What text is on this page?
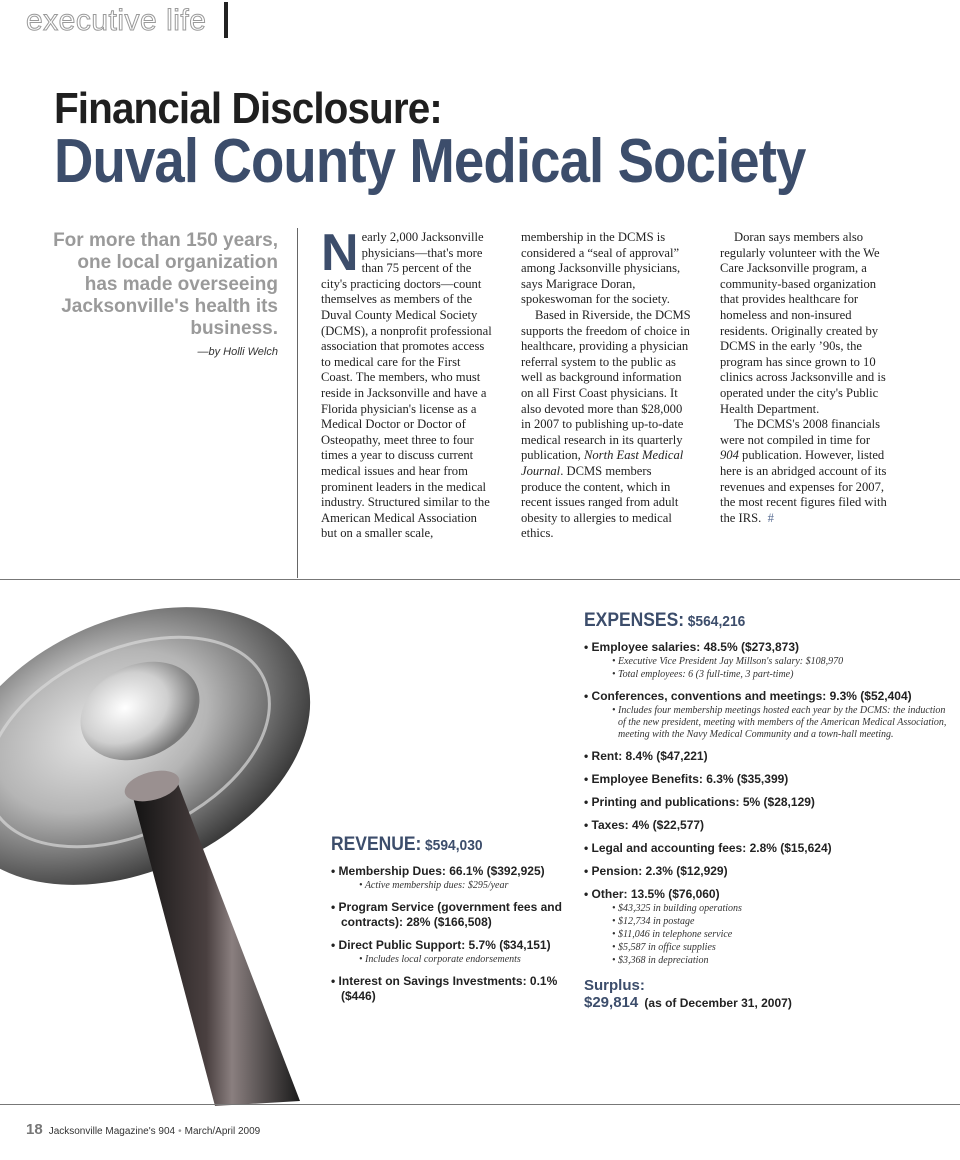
executive life
Financial Disclosure:
Duval County Medical Society
For more than 150 years, one local organization has made overseeing Jacksonville's health its business.
—by Holli Welch

Nearly 2,000 Jacksonville physicians—that's more than 75 percent of the city's practicing doctors—count themselves as members of the Duval County Medical Society (DCMS), a nonprofit professional association that promotes access to medical care for the First Coast. The members, who must reside in Jacksonville and have a Florida physician's license as a Medical Doctor or Doctor of Osteopathy, meet three to four times a year to discuss current medical issues and hear from prominent leaders in the medical industry. Structured similar to the American Medical Association but on a smaller scale,

membership in the DCMS is considered a “seal of approval” among Jacksonville physicians, says Marigrace Doran, spokeswoman for the society.

Based in Riverside, the DCMS supports the freedom of choice in healthcare, providing a physician referral system to the public as well as background information on all First Coast physicians. It also devoted more than $28,000 in 2007 to publishing up-to-date medical research in its quarterly publication, North East Medical Journal. DCMS members produce the content, which in recent issues ranged from adult obesity to allergies to medical ethics.

Doran says members also regularly volunteer with the We Care Jacksonville program, a community-based organization that provides healthcare for homeless and non-insured residents. Originally created by DCMS in the early ’90s, the program has since grown to 10 clinics across Jacksonville and is operated under the city's Public Health Department.

The DCMS's 2008 financials were not compiled in time for 904 publication. However, listed here is an abridged account of its revenues and expenses for 2007, the most recent figures filed with the IRS. #

EXPENSES: $564,216
• Employee salaries: 48.5% ($273,873)
• Executive Vice President Jay Millson's salary: $108,970
• Total employees: 6 (3 full-time, 3 part-time)
• Conferences, conventions and meetings: 9.3% ($52,404)
• Includes four membership meetings hosted each year by the DCMS: the induction of the new president, meeting with members of the American Medical Association, meeting with the Navy Medical Community and a town-hall meeting.
• Rent: 8.4% ($47,221)
• Employee Benefits: 6.3% ($35,399)
• Printing and publications: 5% ($28,129)
• Taxes: 4% ($22,577)
• Legal and accounting fees: 2.8% ($15,624)
• Pension: 2.3% ($12,929)
• Other: 13.5% ($76,060)
• $43,325 in building operations
• $12,734 in postage
• $11,046 in telephone service
• $5,587 in office supplies
• $3,368 in depreciation
Surplus:
$29,814 (as of December 31, 2007)
REVENUE: $594,030
• Membership Dues: 66.1% ($392,925)
• Active membership dues: $295/year
• Program Service (government fees and contracts): 28% ($166,508)
• Direct Public Support: 5.7% ($34,151)
• Includes local corporate endorsements
• Interest on Savings Investments: 0.1% ($446)
18 Jacksonville Magazine's 904 • March/April 2009
